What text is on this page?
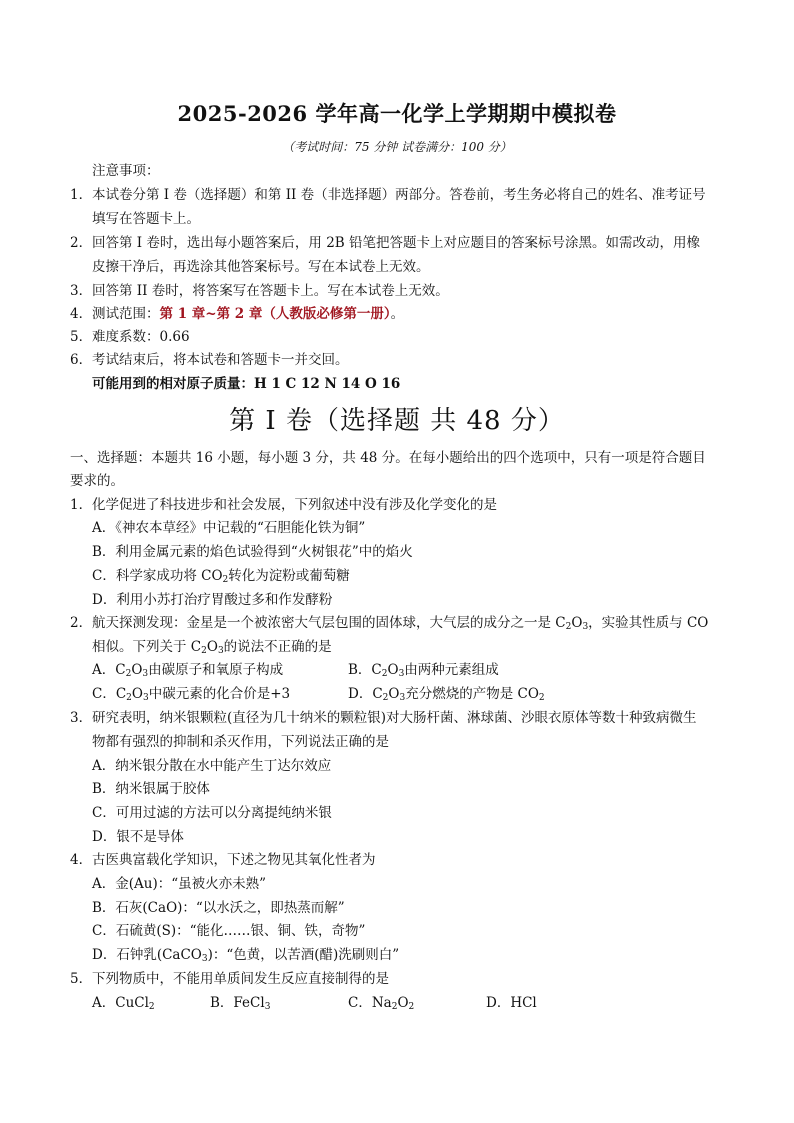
2025-2026 学年高一化学上学期期中模拟卷
（考试时间：75 分钟 试卷满分：100 分）
注意事项：
1． 本试卷分第 I 卷（选择题）和第 II 卷（非选择题）两部分。答卷前，考生务必将自己的姓名、准考证号
填写在答题卡上。
2． 回答第 I 卷时，选出每小题答案后，用 2B 铅笔把答题卡上对应题目的答案标号涂黑。如需改动，用橡
皮擦干净后，再选涂其他答案标号。写在本试卷上无效。
3． 回答第 II 卷时，将答案写在答题卡上。写在本试卷上无效。
4． 测试范围：第 1 章~第 2 章（人教版必修第一册）。
5． 难度系数：0.66
6． 考试结束后，将本试卷和答题卡一并交回。
可能用到的相对原子质量：H 1 C 12 N 14 O 16
第 I 卷（选择题 共 48 分）
一、选择题：本题共 16 小题，每小题 3 分，共 48 分。在每小题给出的四个选项中，只有一项是符合题目
要求的。
1． 化学促进了科技进步和社会发展，下列叙述中没有涉及化学变化的是
A．《神农本草经》中记载的“石胆能化铁为铜”
B．利用金属元素的焰色试验得到“火树银花”中的焰火
C．科学家成功将 $CO_2$转化为淀粉或葡萄糖
D．利用小苏打治疗胃酸过多和作发酵粉
2． 航天探测发现：金星是一个被浓密大气层包围的固体球，大气层的成分之一是 $C_2O_3$，实验其性质与 CO
相似。下列关于 $C_2O_3$的说法不正确的是
A．$C_2O_3$由碳原子和氧原子构成	B．$C_2O_3$由两种元素组成
C．$C_2O_3$中碳元素的化合价是+3	D．$C_2O_3$充分燃烧的产物是 $CO_2$
3． 研究表明，纳米银颗粒(直径为几十纳米的颗粒银)对大肠杆菌、淋球菌、沙眼衣原体等数十种致病微生
物都有强烈的抑制和杀灭作用，下列说法正确的是
A．纳米银分散在水中能产生丁达尔效应
B．纳米银属于胶体
C．可用过滤的方法可以分离提纯纳米银
D．银不是导体
4． 古医典富载化学知识，下述之物见其氧化性者为
A．金(Au)：“虽被火亦未熟”
B．石灰(CaO)：“以水沃之，即热蒸而解”
C．石硫黄(S)：“能化……银、铜、铁，奇物”
D．石钟乳(CaCO$_3$)：“色黄，以苦酒(醋)洗刷则白”
5． 下列物质中，不能用单质间发生反应直接制得的是
A．CuCl$_2$	B．FeCl$_3$	C．$Na_2O_2$	D．HCl
